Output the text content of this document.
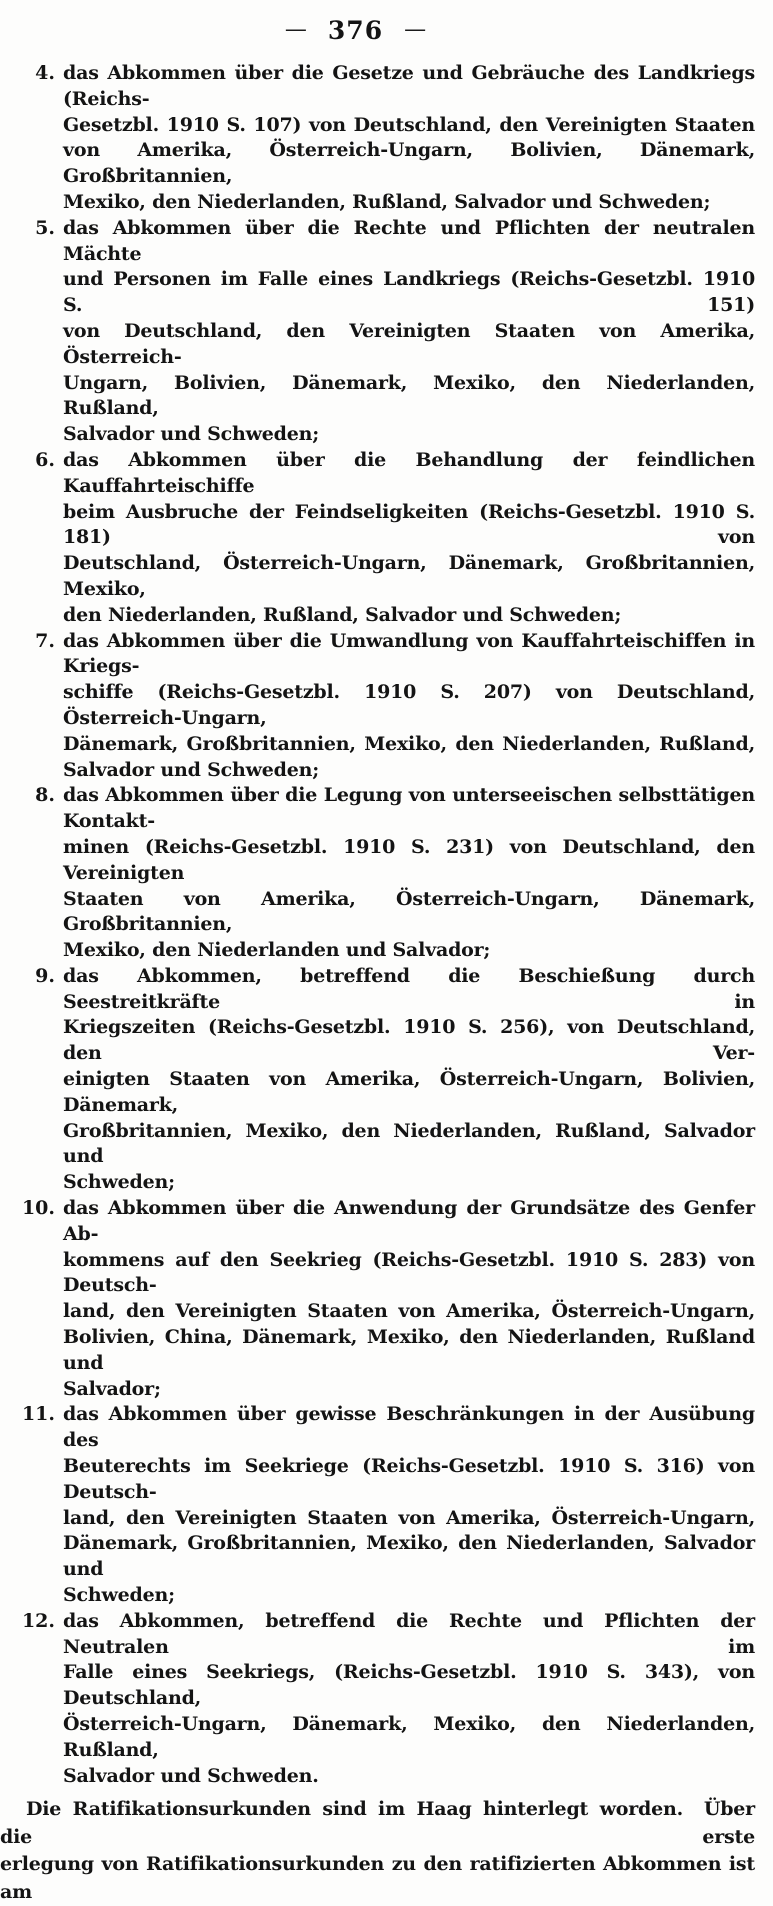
— 376 —
4. das Abkommen über die Gesetze und Gebräuche des Landkriegs (Reichs-
Gesetzbl. 1910 S. 107) von Deutschland, den Vereinigten Staaten
von Amerika, Österreich-Ungarn, Bolivien, Dänemark, Großbritannien,
Mexiko, den Niederlanden, Rußland, Salvador und Schweden;
5. das Abkommen über die Rechte und Pflichten der neutralen Mächte
und Personen im Falle eines Landkriegs (Reichs-Gesetzbl. 1910 S. 151)
von Deutschland, den Vereinigten Staaten von Amerika, Österreich-
Ungarn, Bolivien, Dänemark, Mexiko, den Niederlanden, Rußland,
Salvador und Schweden;
6. das Abkommen über die Behandlung der feindlichen Kauffahrteischiffe
beim Ausbruche der Feindseligkeiten (Reichs-Gesetzbl. 1910 S. 181) von
Deutschland, Österreich-Ungarn, Dänemark, Großbritannien, Mexiko,
den Niederlanden, Rußland, Salvador und Schweden;
7. das Abkommen über die Umwandlung von Kauffahrteischiffen in Kriegs-
schiffe (Reichs-Gesetzbl. 1910 S. 207) von Deutschland, Österreich-Ungarn,
Dänemark, Großbritannien, Mexiko, den Niederlanden, Rußland,
Salvador und Schweden;
8. das Abkommen über die Legung von unterseeischen selbsttätigen Kontakt-
minen (Reichs-Gesetzbl. 1910 S. 231) von Deutschland, den Vereinigten
Staaten von Amerika, Österreich-Ungarn, Dänemark, Großbritannien,
Mexiko, den Niederlanden und Salvador;
9. das Abkommen, betreffend die Beschießung durch Seestreitkräfte in
Kriegszeiten (Reichs-Gesetzbl. 1910 S. 256), von Deutschland, den Ver-
einigten Staaten von Amerika, Österreich-Ungarn, Bolivien, Dänemark,
Großbritannien, Mexiko, den Niederlanden, Rußland, Salvador und
Schweden;
10. das Abkommen über die Anwendung der Grundsätze des Genfer Ab-
kommens auf den Seekrieg (Reichs-Gesetzbl. 1910 S. 283) von Deutsch-
land, den Vereinigten Staaten von Amerika, Österreich-Ungarn,
Bolivien, China, Dänemark, Mexiko, den Niederlanden, Rußland und
Salvador;
11. das Abkommen über gewisse Beschränkungen in der Ausübung des
Beuterechts im Seekriege (Reichs-Gesetzbl. 1910 S. 316) von Deutsch-
land, den Vereinigten Staaten von Amerika, Österreich-Ungarn,
Dänemark, Großbritannien, Mexiko, den Niederlanden, Salvador und
Schweden;
12. das Abkommen, betreffend die Rechte und Pflichten der Neutralen im
Falle eines Seekriegs, (Reichs-Gesetzbl. 1910 S. 343), von Deutschland,
Österreich-Ungarn, Dänemark, Mexiko, den Niederlanden, Rußland,
Salvador und Schweden.
Die Ratifikationsurkunden sind im Haag hinterlegt worden.  Über die erste
erlegung von Ratifikationsurkunden zu den ratifizierten Abkommen ist am
